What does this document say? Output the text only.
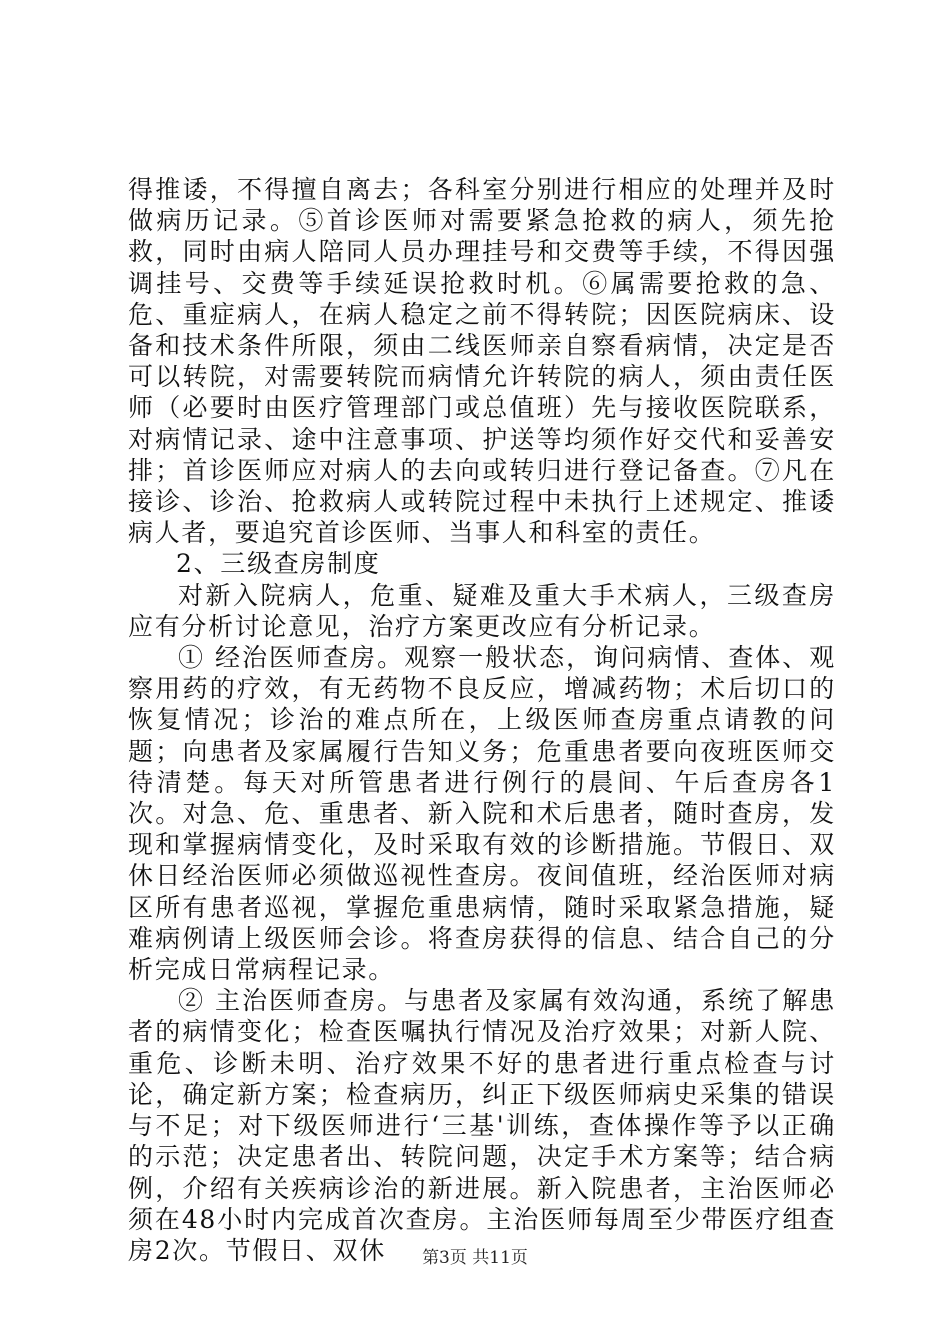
得推诿，不得擅自离去；各科室分别进行相应的处理并及时做病历记录。⑤首诊医师对需要紧急抢救的病人，须先抢救，同时由病人陪同人员办理挂号和交费等手续，不得因强调挂号、交费等手续延误抢救时机。⑥属需要抢救的急、危、重症病人，在病人稳定之前不得转院；因医院病床、设备和技术条件所限，须由二线医师亲自察看病情，决定是否可以转院，对需要转院而病情允许转院的病人，须由责任医师（必要时由医疗管理部门或总值班）先与接收医院联系，对病情记录、途中注意事项、护送等均须作好交代和妥善安排；首诊医师应对病人的去向或转归进行登记备查。⑦凡在接诊、诊治、抢救病人或转院过程中未执行上述规定、推诿病人者，要追究首诊医师、当事人和科室的责任。

2、三级查房制度

对新入院病人，危重、疑难及重大手术病人，三级查房应有分析讨论意见，治疗方案更改应有分析记录。

① 经治医师查房。观察一般状态，询问病情、查体、观察用药的疗效，有无药物不良反应，增减药物；术后切口的恢复情况；诊治的难点所在，上级医师查房重点请教的问题；向患者及家属履行告知义务；危重患者要向夜班医师交待清楚。每天对所管患者进行例行的晨间、午后查房各1次。对急、危、重患者、新入院和术后患者，随时查房，发现和掌握病情变化，及时采取有效的诊断措施。节假日、双休日经治医师必须做巡视性查房。夜间值班，经治医师对病区所有患者巡视，掌握危重患病情，随时采取紧急措施，疑难病例请上级医师会诊。将查房获得的信息、结合自己的分析完成日常病程记录。

② 主治医师查房。与患者及家属有效沟通，系统了解患者的病情变化；检查医嘱执行情况及治疗效果；对新人院、重危、诊断未明、治疗效果不好的患者进行重点检查与讨论，确定新方案；检查病历，纠正下级医师病史采集的错误与不足；对下级医师进行‘三基'训练，查体操作等予以正确的示范；决定患者出、转院问题，决定手术方案等；结合病例，介绍有关疾病诊治的新进展。新入院患者，主治医师必须在48小时内完成首次查房。主治医师每周至少带医疗组查房2次。节假日、双休	第3页 共11页
